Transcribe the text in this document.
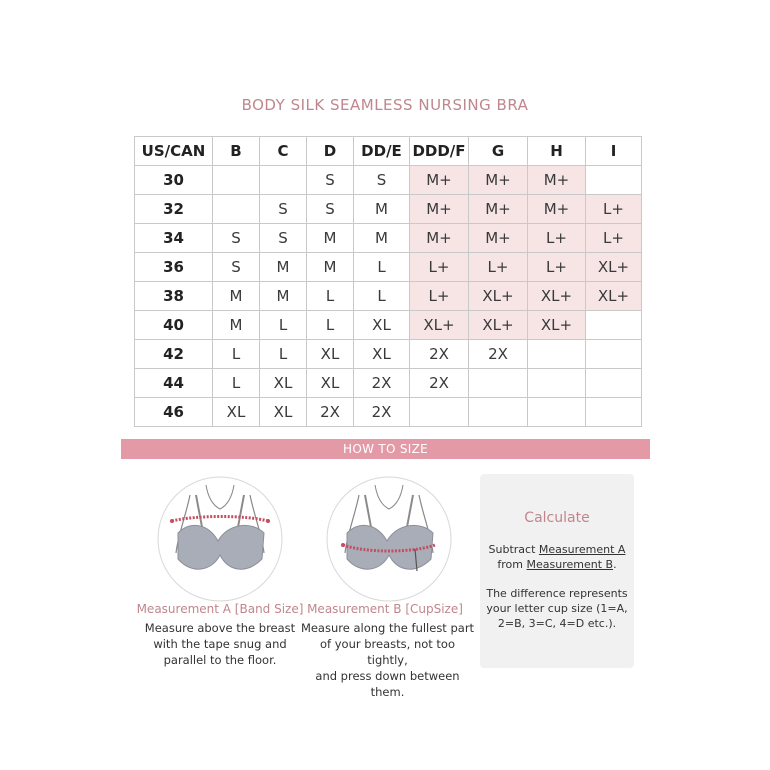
BODY SILK SEAMLESS NURSING BRA
US/CAN	B	C	D	DD/E	DDD/F	G	H	I
30			S	S	M+	M+	M+	
32		S	S	M	M+	M+	M+	L+
34	S	S	M	M	M+	M+	L+	L+
36	S	M	M	L	L+	L+	L+	XL+
38	M	M	L	L	L+	XL+	XL+	XL+
40	M	L	L	XL	XL+	XL+	XL+	
42	L	L	XL	XL	2X	2X		
44	L	XL	XL	2X	2X			
46	XL	XL	2X	2X				
HOW TO SIZE
Measurement A [Band Size]
Measure above the breast
with the tape snug and
parallel to the floor.
Measurement B [CupSize]
Measure along the fullest part
of your breasts, not too tightly,
and press down between them.
Calculate
Subtract Measurement A
from Measurement B.
The difference represents
your letter cup size (1=A,
2=B, 3=C, 4=D etc.).
